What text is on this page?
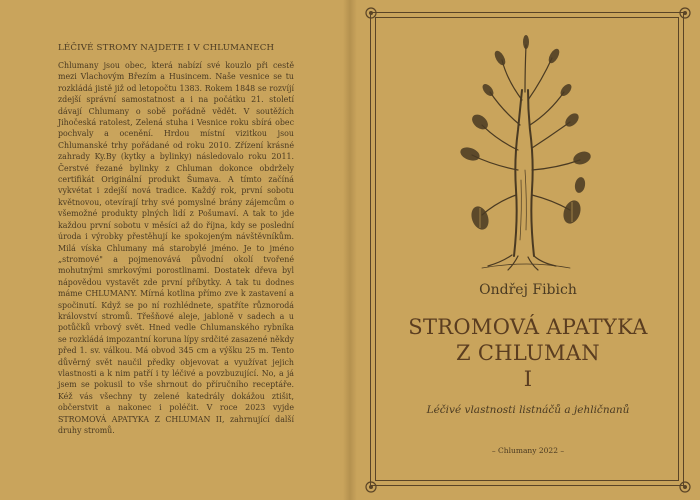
LÉČIVÉ STROMY NAJDETE I V CHLUMANECH
Chlumany jsou obec, která nabízí své kouzlo při cestě mezi Vlachovým Březím a Husincem. Naše vesnice se tu rozkládá jistě již od letopočtu 1383. Rokem 1848 se rozvíjí zdejší správní samostatnost a i na počátku 21. století dávají Chlumany o sobě pořádně vědět. V soutěžích Jihočeská ratolest, Zelená stuha i Vesnice roku sbírá obec pochvaly a ocenění. Hrdou místní vizitkou jsou Chlumanské trhy pořádané od roku 2010. Zřízení krásné zahrady Ky.By (kytky a bylinky) následovalo roku 2011. Čerstvé řezané bylinky z Chluman dokonce obdržely certifikát Originální produkt Šumava. A tímto začíná vykvétat i zdejší nová tradice. Každý rok, první sobotu květnovou, otevírají trhy své pomyslné brány zájemcům o všemožné produkty plných lidí z Pošumaví. A tak to jde každou první sobotu v měsíci až do října, kdy se poslední úroda i výrobky přestěhují ke spokojeným návštěvníkům. Milá víska Chlumany má starobylé jméno. Je to jméno „stromové" a pojmenovává původní okolí tvořené mohutnými smrkovými porostlinami. Dostatek dřeva byl nápovědou vystavět zde první příbytky. A tak tu dodnes máme CHLUMANY. Mírná kotlina přímo zve k zastavení a spočinutí. Když se po ní rozhlédnete, spatříte různorodá království stromů. Třešňové aleje, jabloně v sadech a u potůčků vrbový svět. Hned vedle Chlumanského rybníka se rozkládá impozantní koruna lípy srdčité zasazené někdy před 1. sv. válkou. Má obvod 345 cm a výšku 25 m. Tento důvěrný svět naučil předky objevovat a využívat jejich vlastnosti a k nim patří i ty léčivé a povzbuzující. No, a já jsem se pokusil to vše shrnout do příručního receptáře. Kéž vás všechny ty zelené katedrály dokážou ztišit, občerstvit a nakonec i poléčit. V roce 2023 vyjde STROMOVÁ APATYKA Z CHLUMAN II, zahrnující další druhy stromů.
Ondřej Fibich
STROMOVÁ APATYKA
Z CHLUMAN
I
Léčivé vlastnosti listnáčů a jehličnanů
– Chlumany 2022 –
